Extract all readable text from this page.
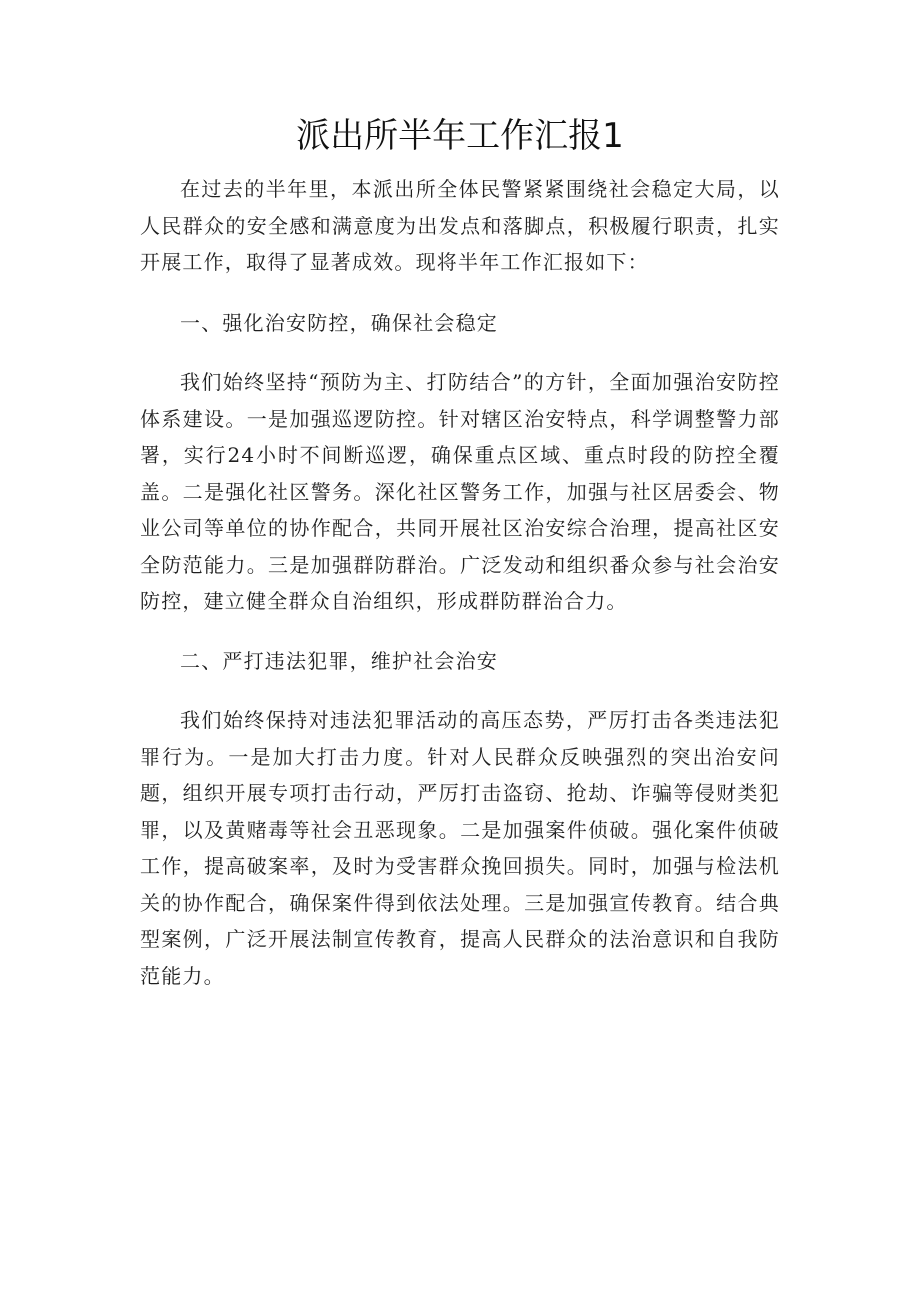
派出所半年工作汇报1

在过去的半年里，本派出所全体民警紧紧围绕社会稳定大局，以人民群众的安全感和满意度为出发点和落脚点，积极履行职责，扎实开展工作，取得了显著成效。现将半年工作汇报如下：

一、强化治安防控，确保社会稳定

我们始终坚持“预防为主、打防结合”的方针，全面加强治安防控体系建设。一是加强巡逻防控。针对辖区治安特点，科学调整警力部署，实行24小时不间断巡逻，确保重点区域、重点时段的防控全覆盖。二是强化社区警务。深化社区警务工作，加强与社区居委会、物业公司等单位的协作配合，共同开展社区治安综合治理，提高社区安全防范能力。三是加强群防群治。广泛发动和组织番众参与社会治安防控，建立健全群众自治组织，形成群防群治合力。

二、严打违法犯罪，维护社会治安

我们始终保持对违法犯罪活动的高压态势，严厉打击各类违法犯罪行为。一是加大打击力度。针对人民群众反映强烈的突出治安问题，组织开展专项打击行动，严厉打击盗窃、抢劫、诈骗等侵财类犯罪，以及黄赌毒等社会丑恶现象。二是加强案件侦破。强化案件侦破工作，提高破案率，及时为受害群众挽回损失。同时，加强与检法机关的协作配合，确保案件得到依法处理。三是加强宣传教育。结合典型案例，广泛开展法制宣传教育，提高人民群众的法治意识和自我防范能力。
